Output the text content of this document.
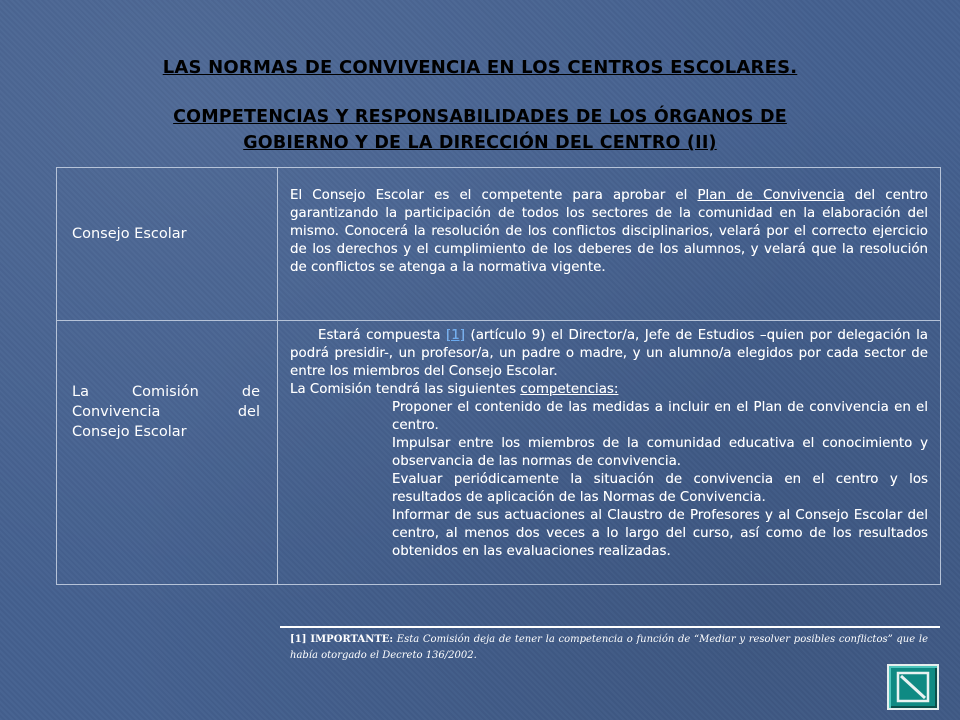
LAS NORMAS DE CONVIVENCIA EN LOS CENTROS ESCOLARES.
COMPETENCIAS Y RESPONSABILIDADES DE LOS ÓRGANOS DE
GOBIERNO Y DE LA DIRECCIÓN DEL CENTRO (II)
Consejo Escolar
La Comisión de
Convivencia del
Consejo Escolar
El Consejo Escolar es el competente para aprobar el Plan de Convivencia del centro garantizando la participación de todos los sectores de la comunidad en la elaboración del mismo. Conocerá la resolución de los conflictos disciplinarios, velará por el correcto ejercicio de los derechos y el cumplimiento de los deberes de los alumnos, y velará que la resolución de conflictos se atenga a la normativa vigente.
Estará compuesta [1] (artículo 9) el Director/a, Jefe de Estudios –quien por delegación la podrá presidir-, un profesor/a, un padre o madre, y un alumno/a elegidos por cada sector de entre los miembros del Consejo Escolar.
La Comisión tendrá las siguientes competencias:
Proponer el contenido de las medidas a incluir en el Plan de convivencia en el centro.
Impulsar entre los miembros de la comunidad educativa el conocimiento y observancia de las normas de convivencia.
Evaluar periódicamente la situación de convivencia en el centro y los resultados de aplicación de las Normas de Convivencia.
Informar de sus actuaciones al Claustro de Profesores y al Consejo Escolar del centro, al menos dos veces a lo largo del curso, así como de los resultados obtenidos en las evaluaciones realizadas.
[1] IMPORTANTE: Esta Comisión deja de tener la competencia o función de “Mediar y resolver posibles conflictos” que le había otorgado el Decreto 136/2002.
